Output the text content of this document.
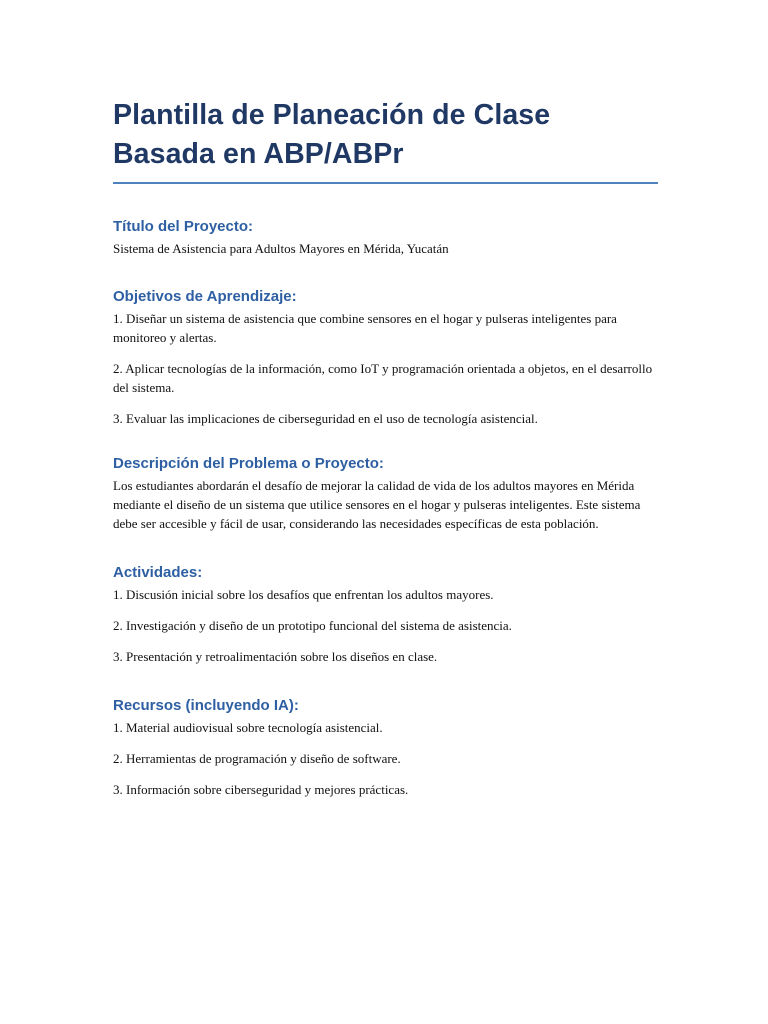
Plantilla de Planeación de Clase Basada en ABP/ABPr
Título del Proyecto:

Sistema de Asistencia para Adultos Mayores en Mérida, Yucatán

Objetivos de Aprendizaje:

1. Diseñar un sistema de asistencia que combine sensores en el hogar y pulseras inteligentes para monitoreo y alertas.

2. Aplicar tecnologías de la información, como IoT y programación orientada a objetos, en el desarrollo del sistema.

3. Evaluar las implicaciones de ciberseguridad en el uso de tecnología asistencial.

Descripción del Problema o Proyecto:

Los estudiantes abordarán el desafío de mejorar la calidad de vida de los adultos mayores en Mérida mediante el diseño de un sistema que utilice sensores en el hogar y pulseras inteligentes. Este sistema debe ser accesible y fácil de usar, considerando las necesidades específicas de esta población.

Actividades:

1. Discusión inicial sobre los desafíos que enfrentan los adultos mayores.

2. Investigación y diseño de un prototipo funcional del sistema de asistencia.

3. Presentación y retroalimentación sobre los diseños en clase.

Recursos (incluyendo IA):

1. Material audiovisual sobre tecnología asistencial.

2. Herramientas de programación y diseño de software.

3. Información sobre ciberseguridad y mejores prácticas.
